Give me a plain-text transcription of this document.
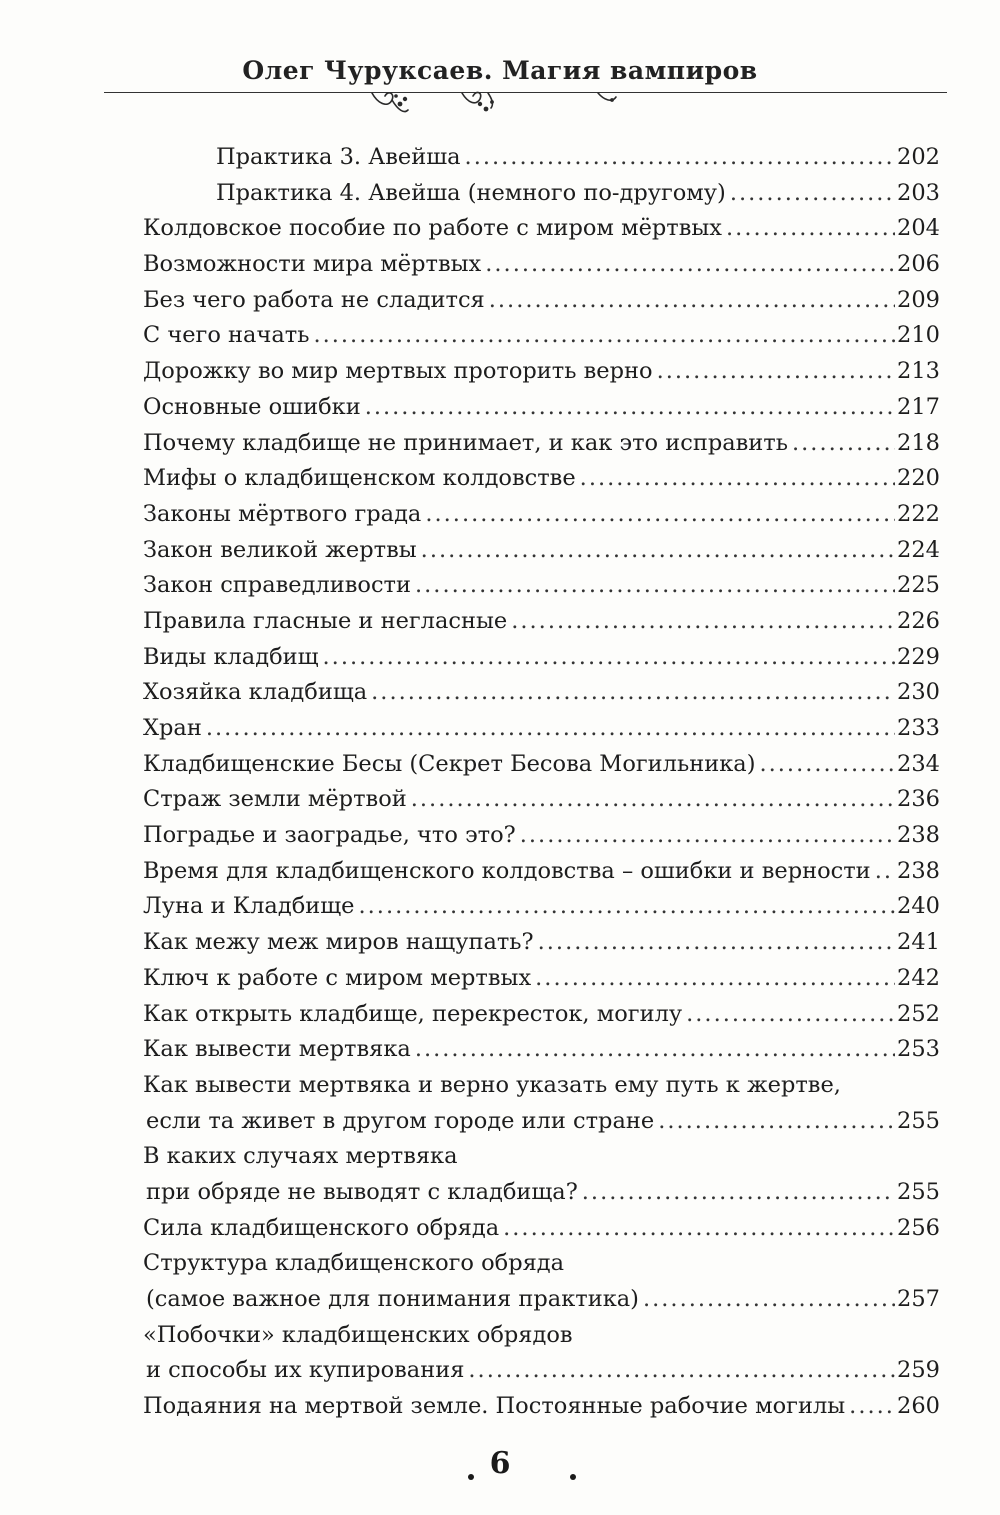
Олег Чуруксаев. Магия вампиров
Практика 3. Авейша .....	202
Практика 4. Авейша (немного по-другому) .....	203
Колдовское пособие по работе с миром мёртвых .....	204
Возможности мира мёртвых .....	206
Без чего работа не сладится .....	209
С чего начать .....	210
Дорожку во мир мертвых проторить верно .....	213
Основные ошибки .....	217
Почему кладбище не принимает, и как это исправить .....	218
Мифы о кладбищенском колдовстве .....	220
Законы мёртвого града .....	222
Закон великой жертвы .....	224
Закон справедливости .....	225
Правила гласные и негласные .....	226
Виды кладбищ .....	229
Хозяйка кладбища .....	230
Хран .....	233
Кладбищенские Бесы (Секрет Бесова Могильника) .....	234
Страж земли мёртвой .....	236
Поградье и заоградье, что это? .....	238
Время для кладбищенского колдовства – ошибки и верности ..... 238
Луна и Кладбище .....	240
Как межу меж миров нащупать? .....	241
Ключ к работе с миром мертвых .....	242
Как открыть кладбище, перекресток, могилу .....	252
Как вывести мертвяка .....	253
Как вывести мертвяка и верно указать ему путь к жертве,
если та живет в другом городе или стране .....	255
В каких случаях мертвяка
при обряде не выводят с кладбища? .....	255
Сила кладбищенского обряда .....	256
Структура кладбищенского обряда
(самое важное для понимания практика) .....	257
«Побочки» кладбищенских обрядов
и способы их купирования .....	259
Подаяния на мертвой земле. Постоянные рабочие могилы ..... 260
6
